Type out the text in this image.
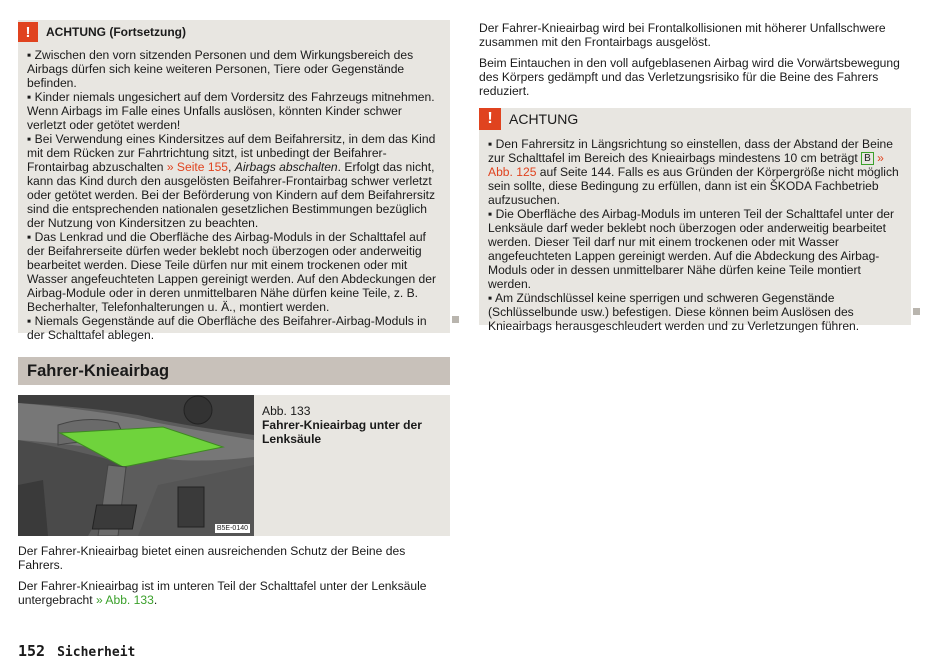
!	ACHTUNG (Fortsetzung)

▪ Zwischen den vorn sitzenden Personen und dem Wirkungsbereich des Airbags dürfen sich keine weiteren Personen, Tiere oder Gegenstände befinden.

▪ Kinder niemals ungesichert auf dem Vordersitz des Fahrzeugs mitnehmen. Wenn Airbags im Falle eines Unfalls auslösen, könnten Kinder schwer verletzt oder getötet werden!

▪ Bei Verwendung eines Kindersitzes auf dem Beifahrersitz, in dem das Kind mit dem Rücken zur Fahrtrichtung sitzt, ist unbedingt der Beifahrer-Frontairbag abzuschalten » Seite 155, Airbags abschalten. Erfolgt das nicht, kann das Kind durch den ausgelösten Beifahrer-Frontairbag schwer verletzt oder getötet werden. Bei der Beförderung von Kindern auf dem Beifahrersitz sind die entsprechenden nationalen gesetzlichen Bestimmungen bezüglich der Nutzung von Kindersitzen zu beachten.

▪ Das Lenkrad und die Oberfläche des Airbag-Moduls in der Schalttafel auf der Beifahrerseite dürfen weder beklebt noch überzogen oder anderweitig bearbeitet werden. Diese Teile dürfen nur mit einem trockenen oder mit Wasser angefeuchteten Lappen gereinigt werden. Auf den Abdeckungen der Airbag-Module oder in deren unmittelbaren Nähe dürfen keine Teile, z. B. Becherhalter, Telefonhalterungen u. Ä., montiert werden.

▪ Niemals Gegenstände auf die Oberfläche des Beifahrer-Airbag-Moduls in der Schalttafel ablegen.

Fahrer-Knieairbag
B5E-0140
Abb. 133
Fahrer-Knieairbag unter der Lenksäule

Der Fahrer-Knieairbag bietet einen ausreichenden Schutz der Beine des Fahrers.

Der Fahrer-Knieairbag ist im unteren Teil der Schalttafel unter der Lenksäule untergebracht » Abb. 133.

Der Fahrer-Knieairbag wird bei Frontalkollisionen mit höherer Unfallschwere zusammen mit den Frontairbags ausgelöst.

Beim Eintauchen in den voll aufgeblasenen Airbag wird die Vorwärtsbewegung des Körpers gedämpft und das Verletzungsrisiko für die Beine des Fahrers reduziert.

!	ACHTUNG

▪ Den Fahrersitz in Längsrichtung so einstellen, dass der Abstand der Beine zur Schalttafel im Bereich des Knieairbags mindestens 10 cm beträgt B » Abb. 125 auf Seite 144. Falls es aus Gründen der Körpergröße nicht möglich sein sollte, diese Bedingung zu erfüllen, dann ist ein ŠKODA Fachbetrieb aufzusuchen.

▪ Die Oberfläche des Airbag-Moduls im unteren Teil der Schalttafel unter der Lenksäule darf weder beklebt noch überzogen oder anderweitig bearbeitet werden. Dieser Teil darf nur mit einem trockenen oder mit Wasser angefeuchteten Lappen gereinigt werden. Auf die Abdeckung des Airbag-Moduls oder in dessen unmittelbarer Nähe dürfen keine Teile montiert werden.

▪ Am Zündschlüssel keine sperrigen und schweren Gegenstände (Schlüsselbunde usw.) befestigen. Diese können beim Auslösen des Knieairbags herausgeschleudert werden und zu Verletzungen führen.

152 Sicherheit
